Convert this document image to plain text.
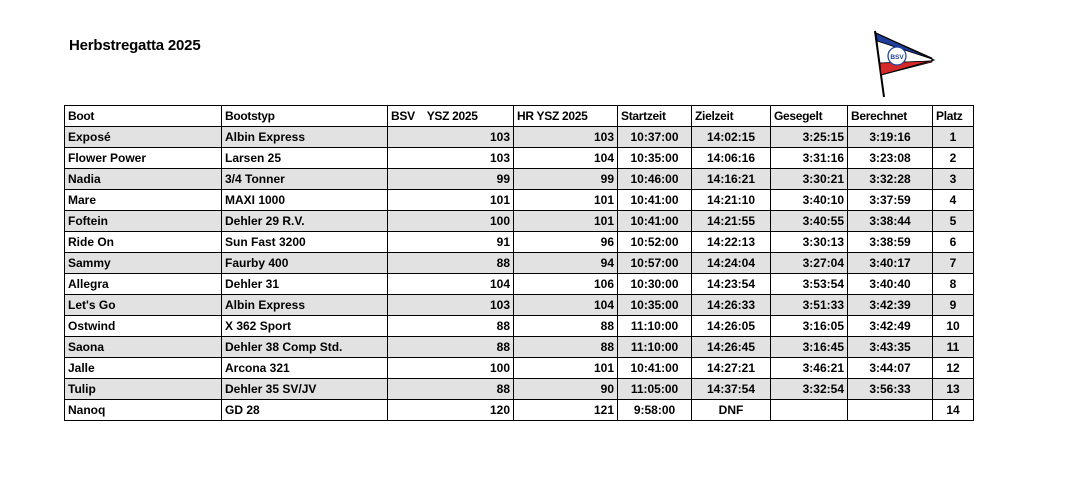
Herbstregatta 2025
BSV
Boot	Bootstyp	BSV    YSZ 2025	HR YSZ 2025	Startzeit	Zielzeit	Gesegelt	Berechnet	Platz
Exposé	Albin Express	103	103	10:37:00	14:02:15	3:25:15	3:19:16	1
Flower Power	Larsen 25	103	104	10:35:00	14:06:16	3:31:16	3:23:08	2
Nadia	3/4 Tonner	99	99	10:46:00	14:16:21	3:30:21	3:32:28	3
Mare	MAXI 1000	101	101	10:41:00	14:21:10	3:40:10	3:37:59	4
Foftein	Dehler 29 R.V.	100	101	10:41:00	14:21:55	3:40:55	3:38:44	5
Ride On	Sun Fast 3200	91	96	10:52:00	14:22:13	3:30:13	3:38:59	6
Sammy	Faurby 400	88	94	10:57:00	14:24:04	3:27:04	3:40:17	7
Allegra	Dehler 31	104	106	10:30:00	14:23:54	3:53:54	3:40:40	8
Let's Go	Albin Express	103	104	10:35:00	14:26:33	3:51:33	3:42:39	9
Ostwind	X 362 Sport	88	88	11:10:00	14:26:05	3:16:05	3:42:49	10
Saona	Dehler 38 Comp Std.	88	88	11:10:00	14:26:45	3:16:45	3:43:35	11
Jalle	Arcona 321	100	101	10:41:00	14:27:21	3:46:21	3:44:07	12
Tulip	Dehler 35 SV/JV	88	90	11:05:00	14:37:54	3:32:54	3:56:33	13
Nanoq	GD 28	120	121	9:58:00	DNF			14
